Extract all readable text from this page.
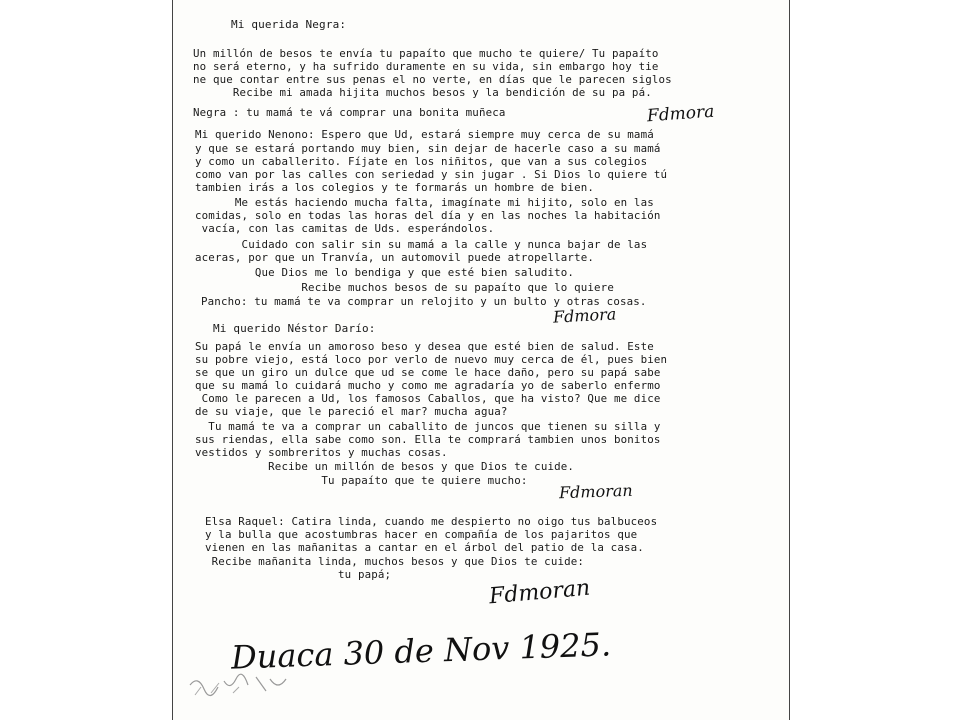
Mi querida Negra:
Un millón de besos te envía tu papaíto que mucho te quiere/ Tu papaíto
no será eterno, y ha sufrido duramente en su vida, sin embargo hoy tie
ne que contar entre sus penas el no verte, en días que le parecen siglos
Recibe mi amada hijita muchos besos y la bendición de su pa pá.
Negra : tu mamá te vá comprar una bonita muñeca	Fdmora
Mi querido Nenono: Espero que Ud, estará siempre muy cerca de su mamá
y que se estará portando muy bien, sin dejar de hacerle caso a su mamá
y como un caballerito. Fíjate en los niñitos, que van a sus colegios
como van por las calles con seriedad y sin jugar . Si Dios lo quiere tú
tambien irás a los colegios y te formarás un hombre de bien.
Me estás haciendo mucha falta, imagínate mi hijito, solo en las
comidas, solo en todas las horas del día y en las noches la habitación
vacía, con las camitas de Uds. esperándolos.
Cuidado con salir sin su mamá a la calle y nunca bajar de las
aceras, por que un Tranvía, un automovil puede atropellarte.
Que Dios me lo bendiga y que esté bien saludito.
Recibe muchos besos de su papaíto que lo quiere
Pancho: tu mamá te va comprar un relojito y un bulto y otras cosas.
Fdmora
Mi querido Néstor Darío:
Su papá le envía un amoroso beso y desea que esté bien de salud. Este
su pobre viejo, está loco por verlo de nuevo muy cerca de él, pues bien
se que un giro un dulce que ud se come le hace daño, pero su papá sabe
que su mamá lo cuidará mucho y como me agradaría yo de saberlo enfermo
Como le parecen a Ud, los famosos Caballos, que ha visto? Que me dice
de su viaje, que le pareció el mar? mucha agua?
Tu mamá te va a comprar un caballito de juncos que tienen su silla y
sus riendas, ella sabe como son. Ella te comprará tambien unos bonitos
vestidos y sombreritos y muchas cosas.
Recibe un millón de besos y que Dios te cuide.
Tu papaíto que te quiere mucho:
Fdmoran
Elsa Raquel: Catira linda, cuando me despierto no oigo tus balbuceos
y la bulla que acostumbras hacer en compañía de los pajaritos que
vienen en las mañanitas a cantar en el árbol del patio de la casa.
Recibe mañanita linda, muchos besos y que Dios te cuide:
tu papá;
Fdmoran
Duaca 30 de Nov 1925.
